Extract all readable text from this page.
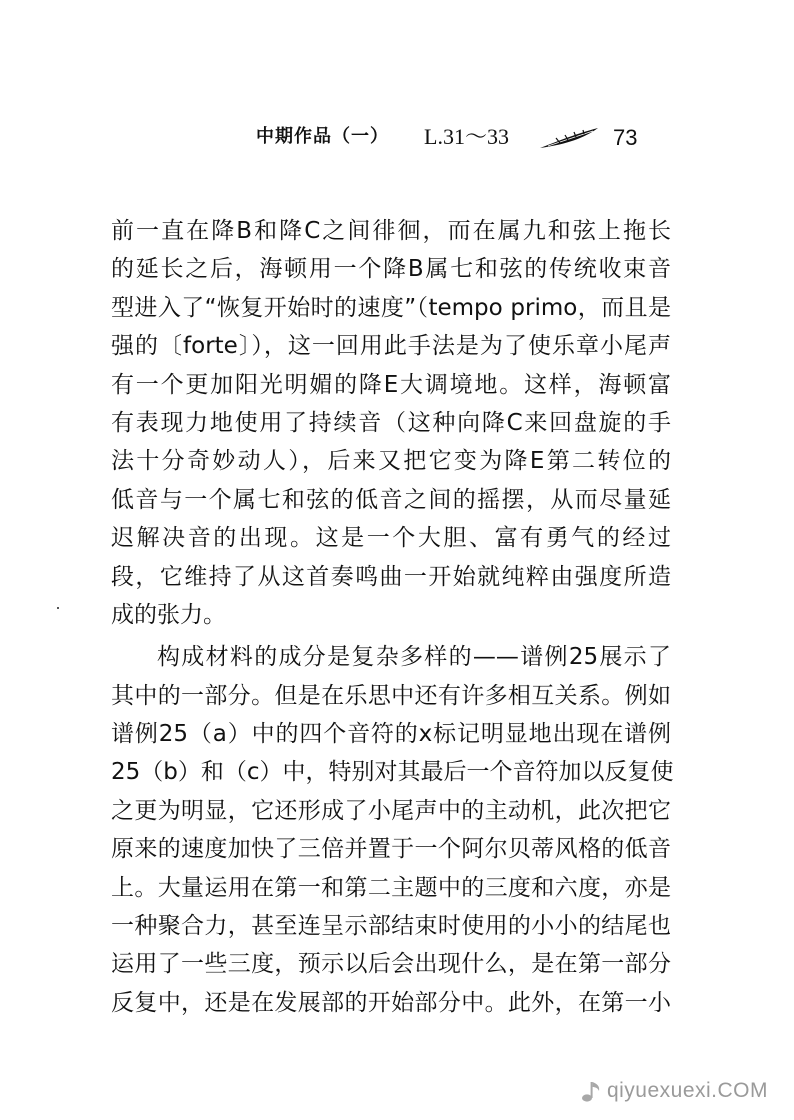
中期作品（一） L.31～33	73
前一直在降B和降C之间徘徊，而在属九和弦上拖长
的延长之后，海顿用一个降B属七和弦的传统收束音
型进入了“恢复开始时的速度”（tempo primo，而且是
强的〔forte〕），这一回用此手法是为了使乐章小尾声
有一个更加阳光明媚的降E大调境地。这样，海顿富
有表现力地使用了持续音（这种向降C来回盘旋的手
法十分奇妙动人），后来又把它变为降E第二转位的
低音与一个属七和弦的低音之间的摇摆，从而尽量延
迟解决音的出现。这是一个大胆、富有勇气的经过
段，它维持了从这首奏鸣曲一开始就纯粹由强度所造
成的张力。
构成材料的成分是复杂多样的——谱例25展示了
其中的一部分。但是在乐思中还有许多相互关系。例如
谱例25（a）中的四个音符的x标记明显地出现在谱例
25（b）和（c）中，特别对其最后一个音符加以反复使
之更为明显，它还形成了小尾声中的主动机，此次把它
原来的速度加快了三倍并置于一个阿尔贝蒂风格的低音
上。大量运用在第一和第二主题中的三度和六度，亦是
一种聚合力，甚至连呈示部结束时使用的小小的结尾也
运用了一些三度，预示以后会出现什么，是在第一部分
反复中，还是在发展部的开始部分中。此外，在第一小
qiyuexuexi.COM
